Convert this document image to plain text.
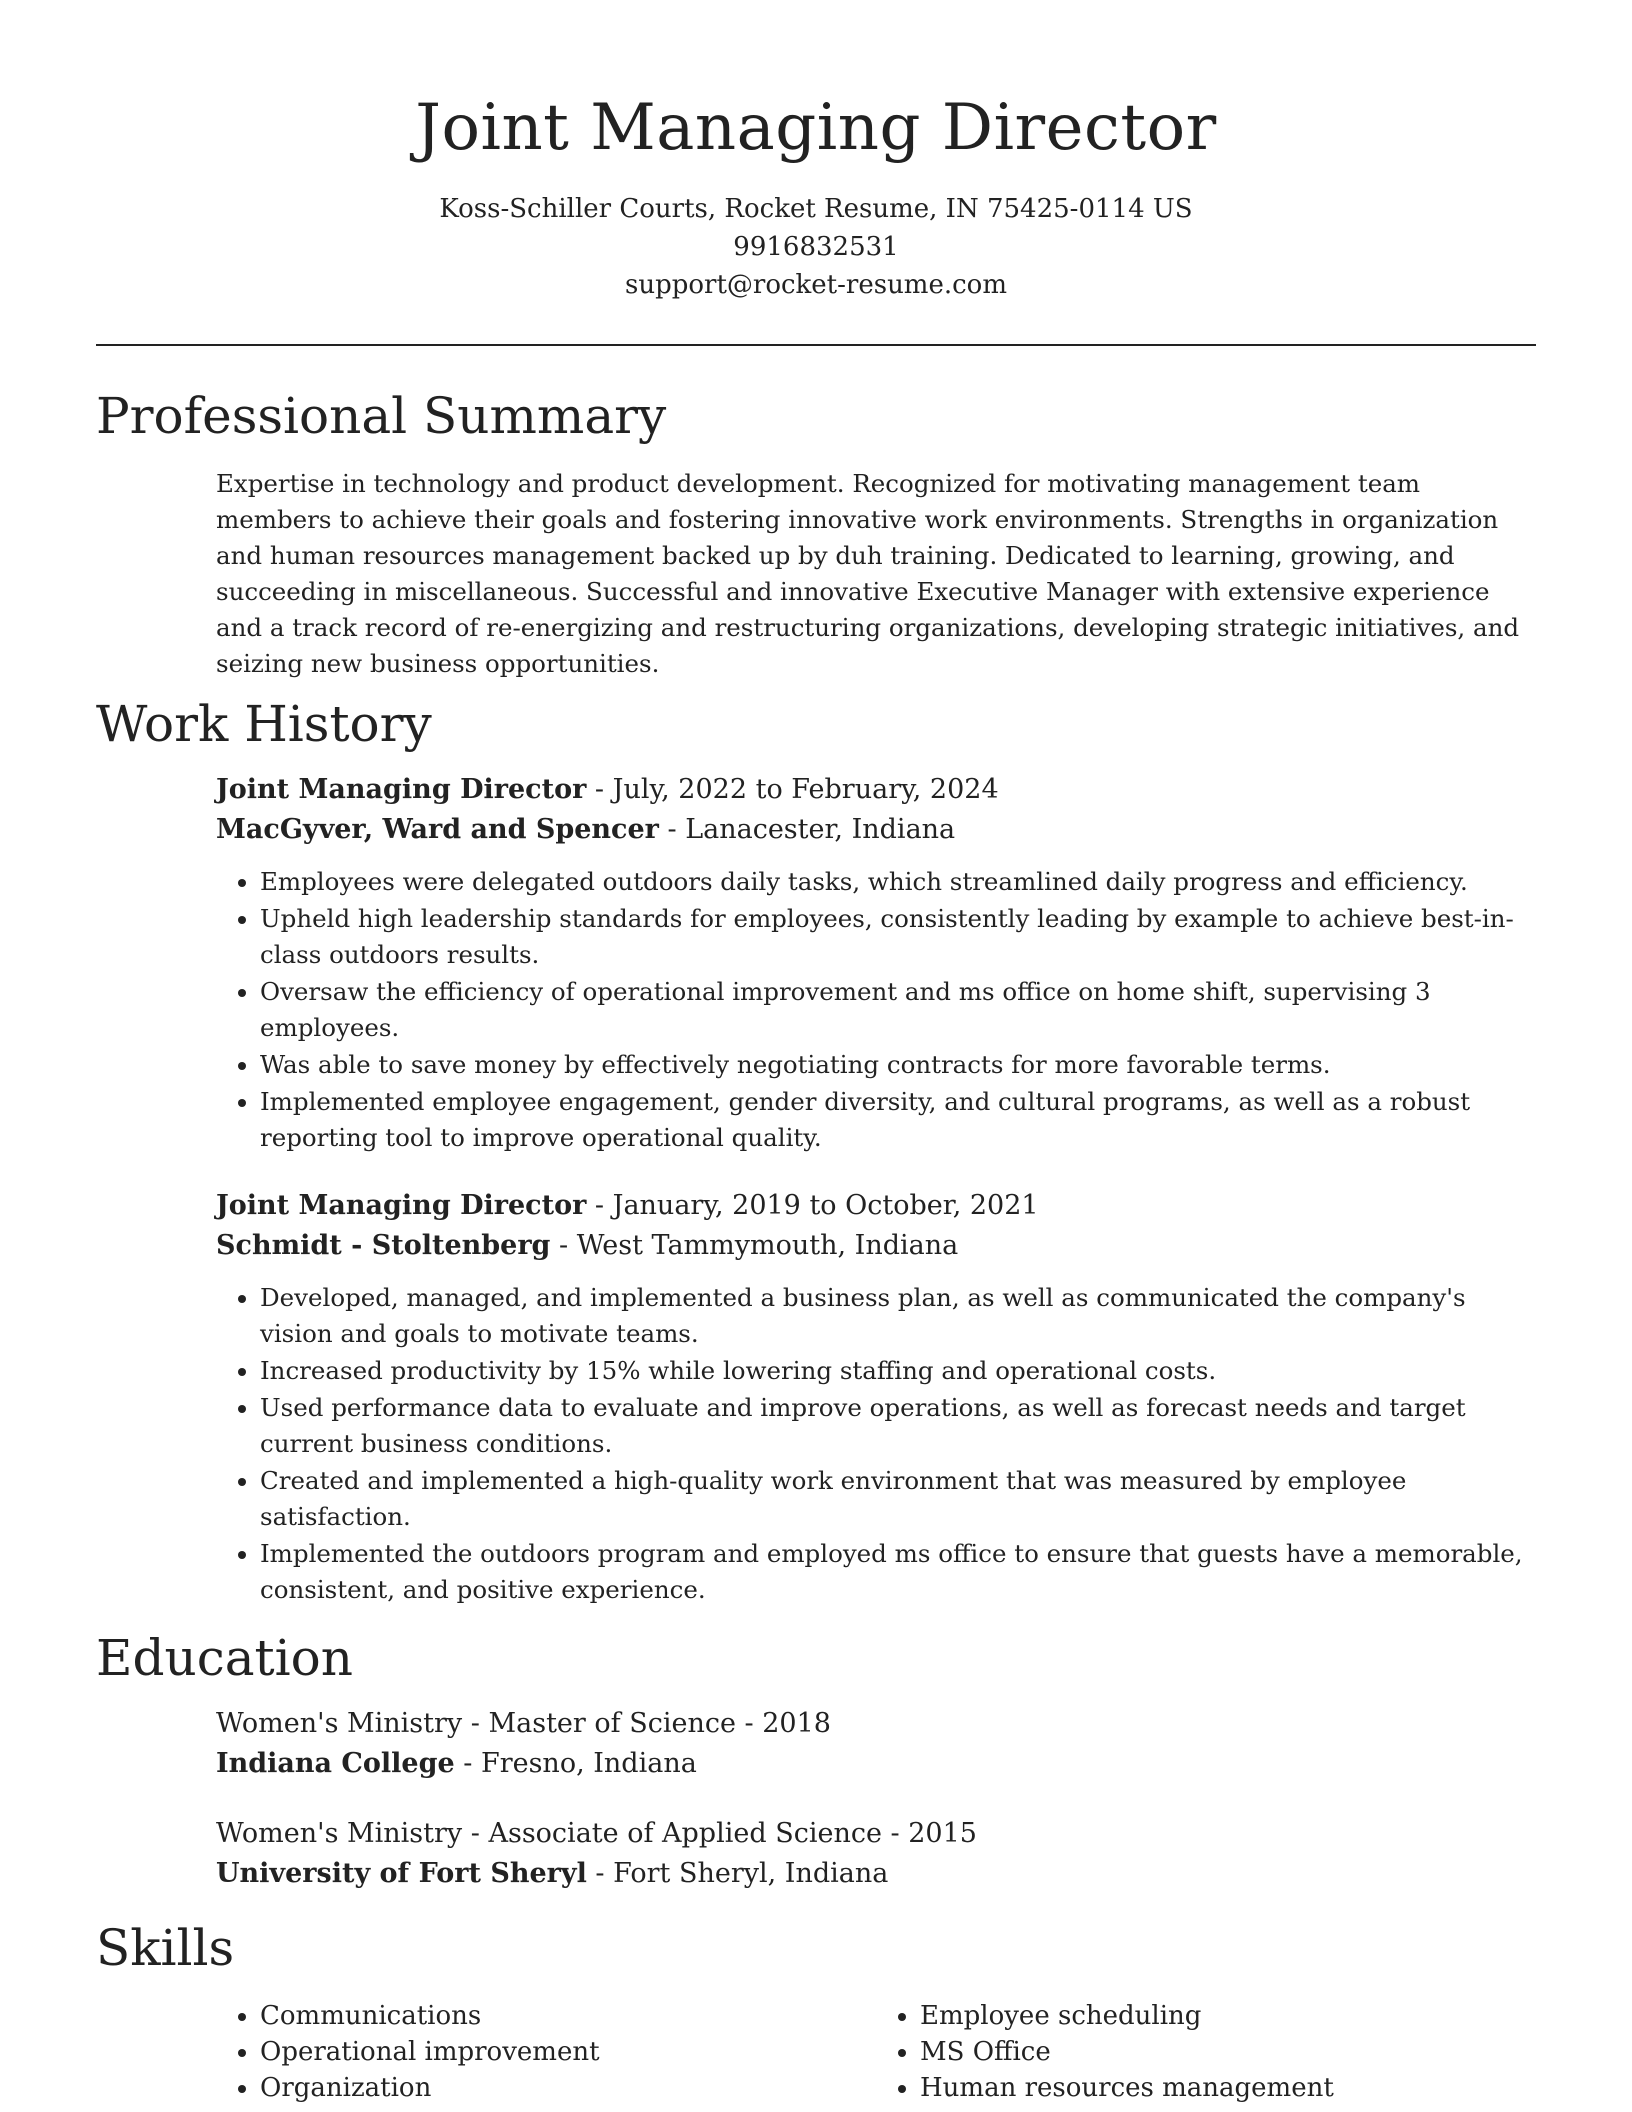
Joint Managing Director
Koss-Schiller Courts, Rocket Resume, IN 75425-0114 US
9916832531
support@rocket-resume.com
Professional Summary

Expertise in technology and product development. Recognized for motivating management team members to achieve their goals and fostering innovative work environments. Strengths in organization and human resources management backed up by duh training. Dedicated to learning, growing, and succeeding in miscellaneous. Successful and innovative Executive Manager with extensive experience and a track record of re-energizing and restructuring organizations, developing strategic initiatives, and seizing new business opportunities.

Work History
Joint Managing Director - July, 2022 to February, 2024
MacGyver, Ward and Spencer - Lanacester, Indiana
• Employees were delegated outdoors daily tasks, which streamlined daily progress and efficiency.
• Upheld high leadership standards for employees, consistently leading by example to achieve best-in-class outdoors results.
• Oversaw the efficiency of operational improvement and ms office on home shift, supervising 3 employees.
• Was able to save money by effectively negotiating contracts for more favorable terms.
• Implemented employee engagement, gender diversity, and cultural programs, as well as a robust reporting tool to improve operational quality.
Joint Managing Director - January, 2019 to October, 2021
Schmidt - Stoltenberg - West Tammymouth, Indiana
• Developed, managed, and implemented a business plan, as well as communicated the company's vision and goals to motivate teams.
• Increased productivity by 15% while lowering staffing and operational costs.
• Used performance data to evaluate and improve operations, as well as forecast needs and target current business conditions.
• Created and implemented a high-quality work environment that was measured by employee satisfaction.
• Implemented the outdoors program and employed ms office to ensure that guests have a memorable, consistent, and positive experience.
Education
Women's Ministry - Master of Science - 2018
Indiana College - Fresno, Indiana
Women's Ministry - Associate of Applied Science - 2015
University of Fort Sheryl - Fort Sheryl, Indiana
Skills
• Communications
• Operational improvement
• Organization
• Employee scheduling
• MS Office
• Human resources management
